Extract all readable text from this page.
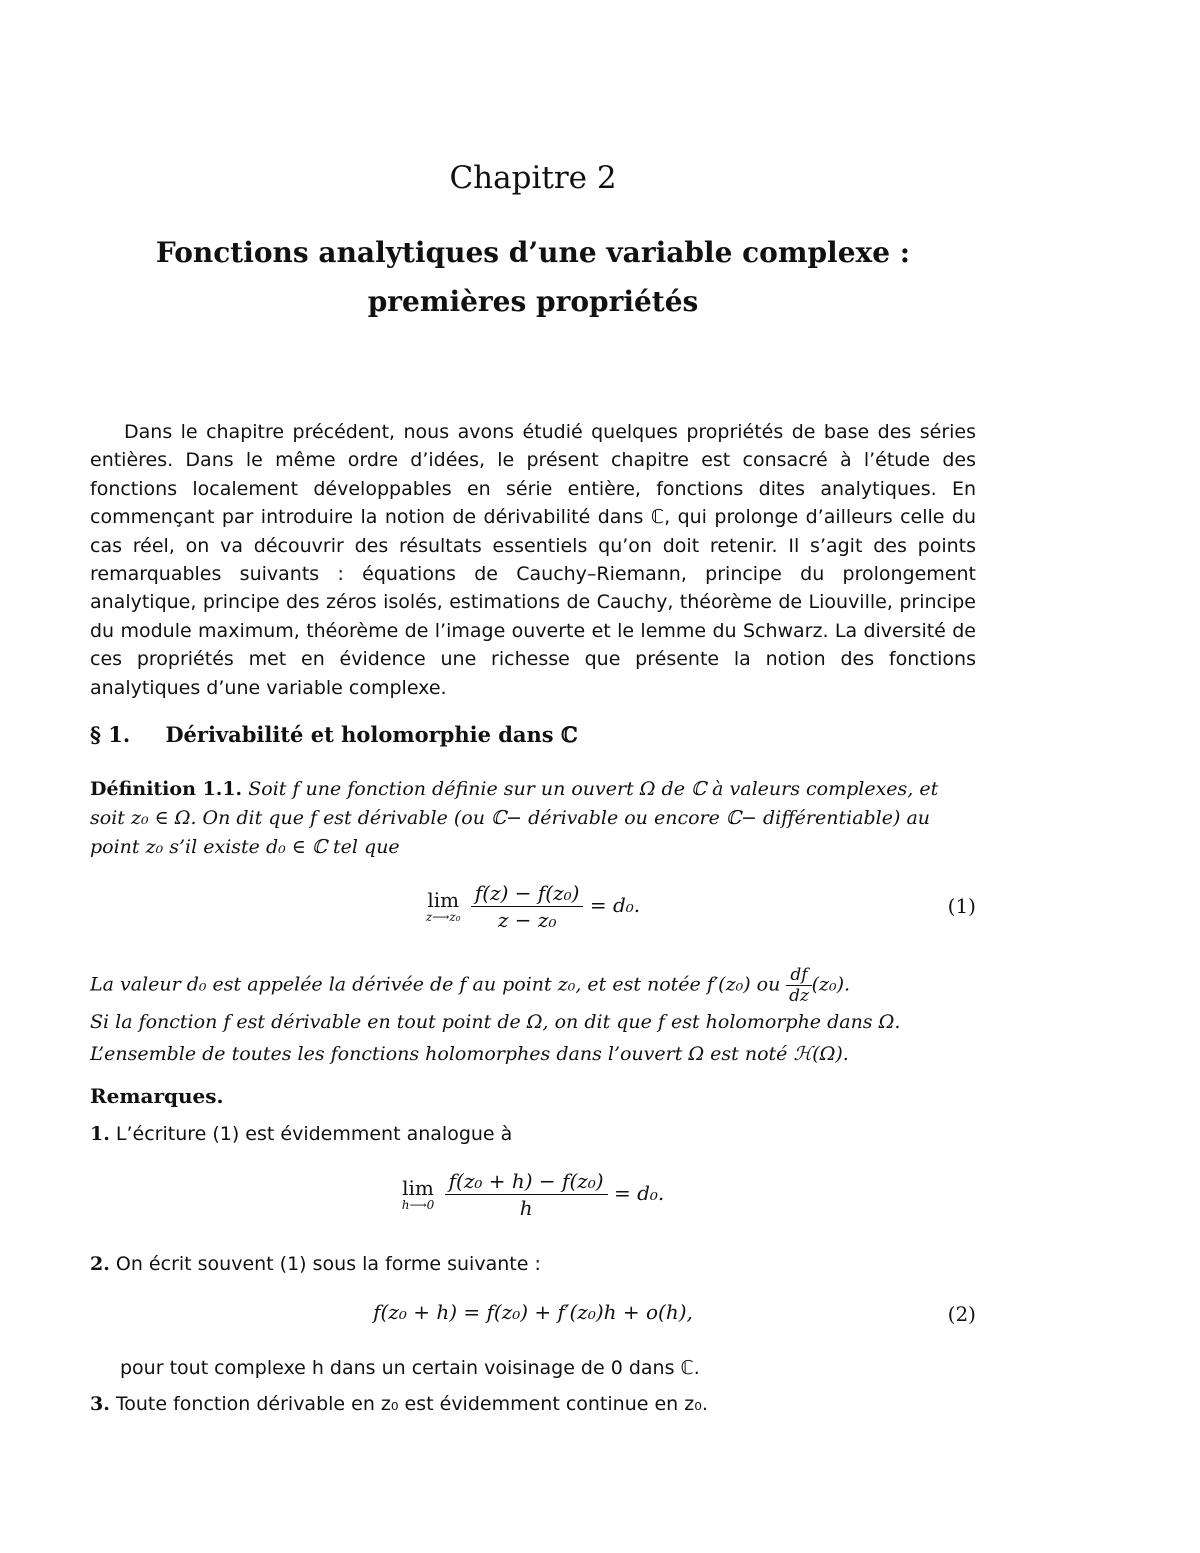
Chapitre 2
Fonctions analytiques d’une variable complexe :
premières propriétés

Dans le chapitre précédent, nous avons étudié quelques propriétés de base des séries entières. Dans le même ordre d’idées, le présent chapitre est consacré à l’étude des fonctions localement développables en série entière, fonctions dites analytiques. En commençant par introduire la notion de dérivabilité dans ℂ, qui prolonge d’ailleurs celle du cas réel, on va découvrir des résultats essentiels qu’on doit retenir. Il s’agit des points remarquables suivants : équations de Cauchy–Riemann, principe du prolongement analytique, principe des zéros isolés, estimations de Cauchy, théorème de Liouville, principe du module maximum, théorème de l’image ouverte et le lemme du Schwarz. La diversité de ces propriétés met en évidence une richesse que présente la notion des fonctions analytiques d’une variable complexe.

§ 1. Dérivabilité et holomorphie dans ℂ
Définition 1.1. Soit f une fonction définie sur un ouvert Ω de ℂ à valeurs complexes, et soit z₀ ∈ Ω. On dit que f est dérivable (ou ℂ− dérivable ou encore ℂ− différentiable) au point z₀ s’il existe d₀ ∈ ℂ tel que
lim
z⟶z₀
$\frac{\text{f(z) − f(z₀)}}{\text{z − z₀}} = d_0$.	(1)
La valeur d₀ est appelée la dérivée de f au point z₀, et est notée f′(z₀) ou $\frac{df}{dz} (z_0)$.
Si la fonction f est dérivable en tout point de Ω, on dit que f est holomorphe dans Ω.
L’ensemble de toutes les fonctions holomorphes dans l’ouvert Ω est noté ℋ(Ω).
Remarques.
1. L’écriture (1) est évidemment analogue à
lim
h⟶0
$\frac{\text{f(z₀ + h) − f(z₀)}}{h} = d_0$.
2. On écrit souvent (1) sous la forme suivante :
f(z₀ + h) = f(z₀) + f′(z₀)h + o(h),	(2)
pour tout complexe h dans un certain voisinage de 0 dans ℂ.
3. Toute fonction dérivable en z₀ est évidemment continue en z₀.
